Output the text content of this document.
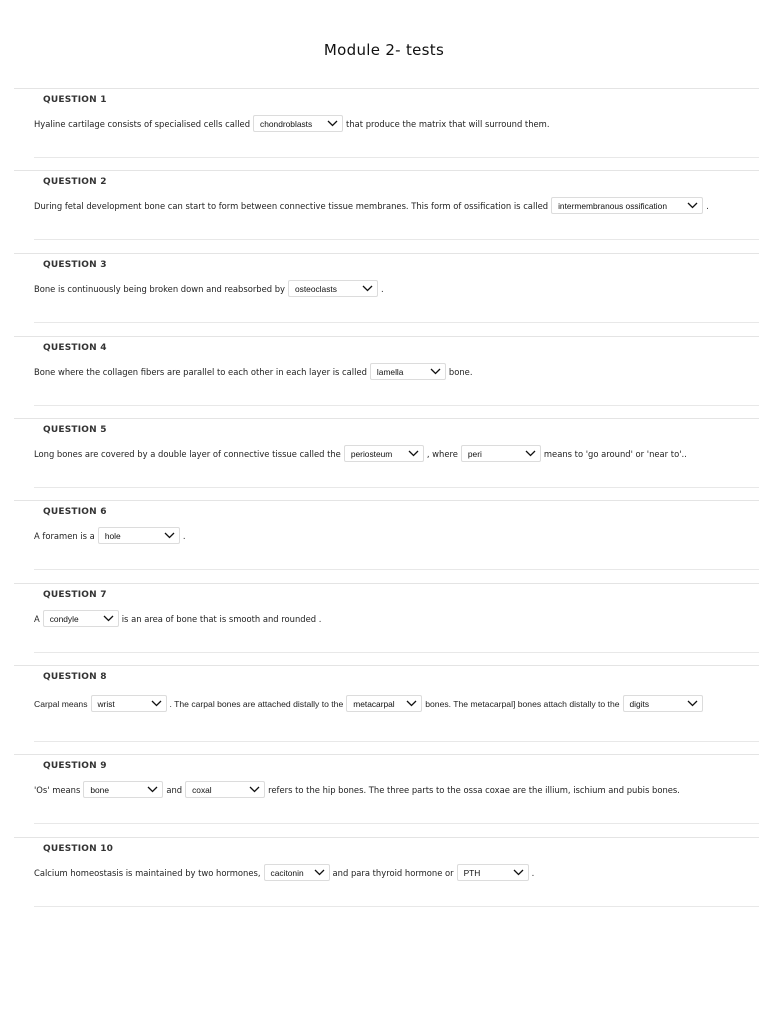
Module 2- tests
QUESTION 1
Hyaline cartilage consists of specialised cells called chondroblasts	that produce the matrix that will surround them.
QUESTION 2
During fetal development bone can start to form between connective tissue membranes. This form of ossification is called intermembranous ossification	.
QUESTION 3
Bone is continuously being broken down and reabsorbed by osteoclasts	.
QUESTION 4
Bone where the collagen fibers are parallel to each other in each layer is called lamella	bone.
QUESTION 5
Long bones are covered by a double layer of connective tissue called the periosteum	, where peri	means to 'go around' or 'near to'..
QUESTION 6
A foramen is a hole	.
QUESTION 7
A condyle	is an area of bone that is smooth and rounded .
QUESTION 8
Carpal means wrist	. The carpal bones are attached distally to the metacarpal	bones. The metacarpal] bones attach distally to the digits
QUESTION 9
'Os' means bone	and coxal	refers to the hip bones. The three parts to the ossa coxae are the illium, ischium and pubis bones.
QUESTION 10
Calcium homeostasis is maintained by two hormones, cacitonin	and para thyroid hormone or PTH	.
